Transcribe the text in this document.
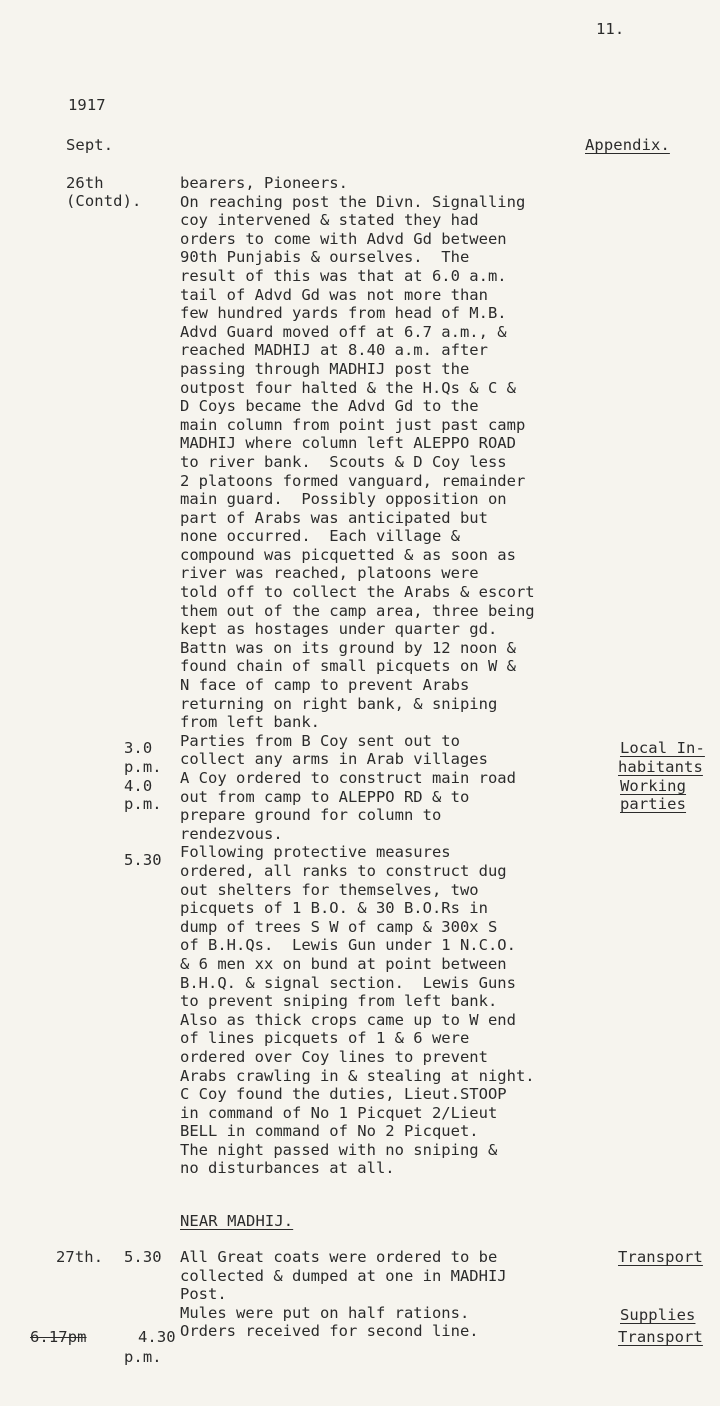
11.
1917
Sept.	Appendix.
26th
(Contd).
3.0
p.m.
4.0
p.m.
5.30
27th. 5.30
6.17pm	4.30
p.m.
bearers, Pioneers.
On reaching post the Divn. Signalling
coy intervened & stated they had
orders to come with Advd Gd between
90th Punjabis & ourselves.  The
result of this was that at 6.0 a.m.
tail of Advd Gd was not more than
few hundred yards from head of M.B.
Advd Guard moved off at 6.7 a.m., &
reached MADHIJ at 8.40 a.m. after
passing through MADHIJ post the
outpost four halted & the H.Qs & C &
D Coys became the Advd Gd to the
main column from point just past camp
MADHIJ where column left ALEPPO ROAD
to river bank.  Scouts & D Coy less
2 platoons formed vanguard, remainder
main guard.  Possibly opposition on
part of Arabs was anticipated but
none occurred.  Each village &
compound was picquetted & as soon as
river was reached, platoons were
told off to collect the Arabs & escort
them out of the camp area, three being
kept as hostages under quarter gd.
Battn was on its ground by 12 noon &
found chain of small picquets on W &
N face of camp to prevent Arabs
returning on right bank, & sniping
from left bank.
Parties from B Coy sent out to
collect any arms in Arab villages
A Coy ordered to construct main road
out from camp to ALEPPO RD & to
prepare ground for column to
rendezvous.
Following protective measures
ordered, all ranks to construct dug
out shelters for themselves, two
picquets of 1 B.O. & 30 B.O.Rs in
dump of trees S W of camp & 300x S
of B.H.Qs.  Lewis Gun under 1 N.C.O.
& 6 men xx on bund at point between
B.H.Q. & signal section.  Lewis Guns
to prevent sniping from left bank.
Also as thick crops came up to W end
of lines picquets of 1 & 6 were
ordered over Coy lines to prevent
Arabs crawling in & stealing at night.
C Coy found the duties, Lieut.STOOP
in command of No 1 Picquet 2/Lieut
BELL in command of No 2 Picquet.
The night passed with no sniping &
no disturbances at all.
NEAR MADHIJ.
All Great coats were ordered to be
collected & dumped at one in MADHIJ
Post.
Mules were put on half rations.
Orders received for second line.
Local In-
habitants
Working
parties
Transport
Supplies
Transport
